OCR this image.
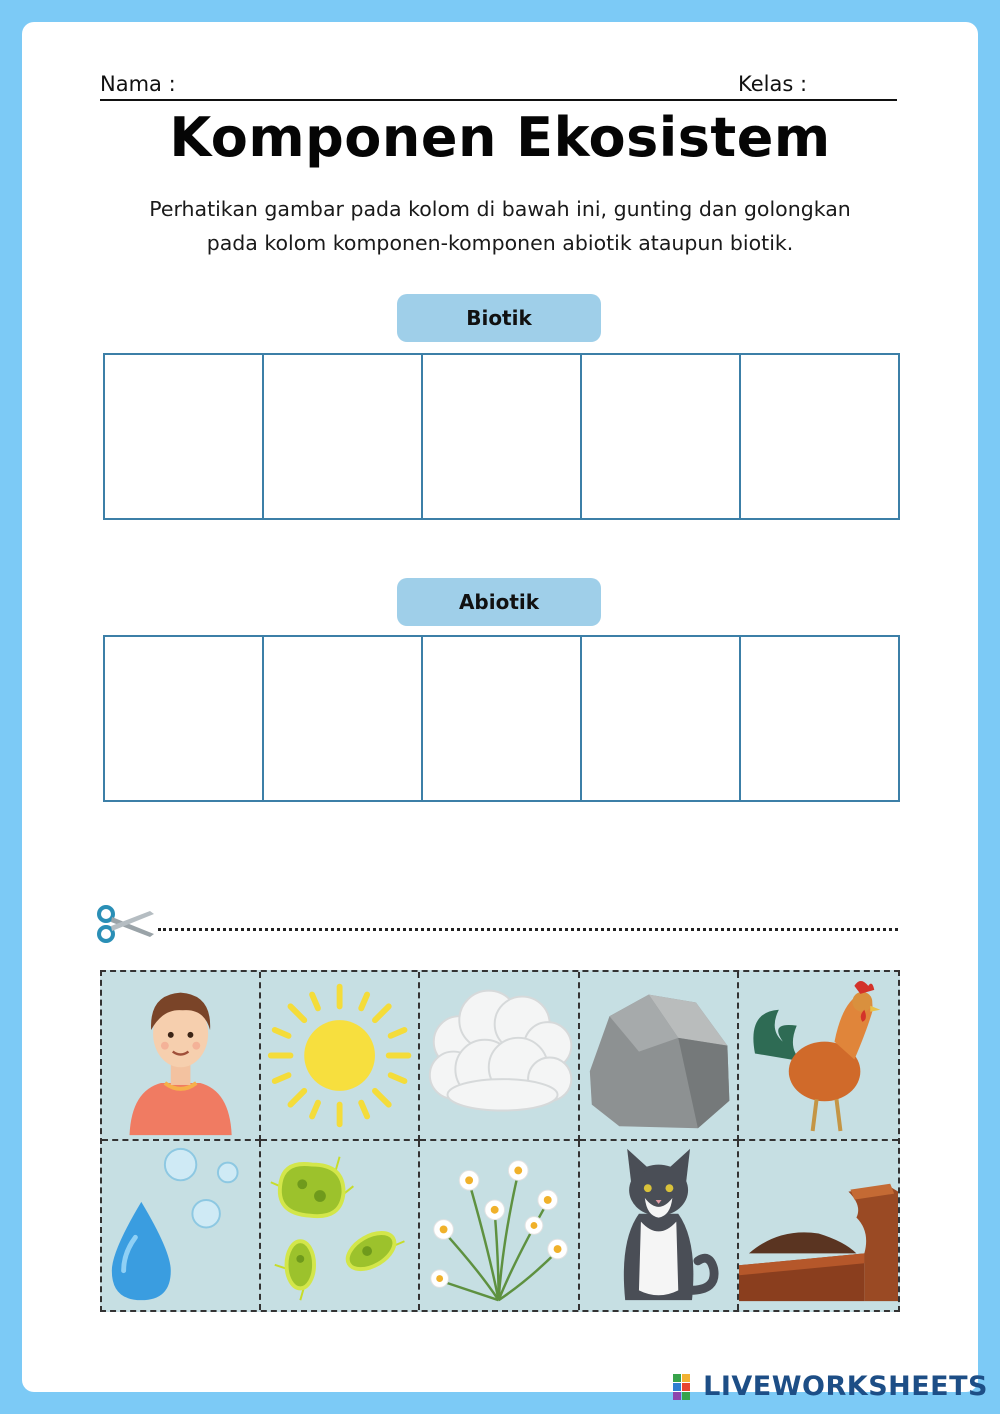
Nama :	Kelas :
Komponen Ekosistem
Perhatikan gambar pada kolom di bawah ini, gunting dan golongkan
pada kolom komponen-komponen abiotik ataupun biotik.
Biotik
Abiotik
LIVEWORKSHEETS
